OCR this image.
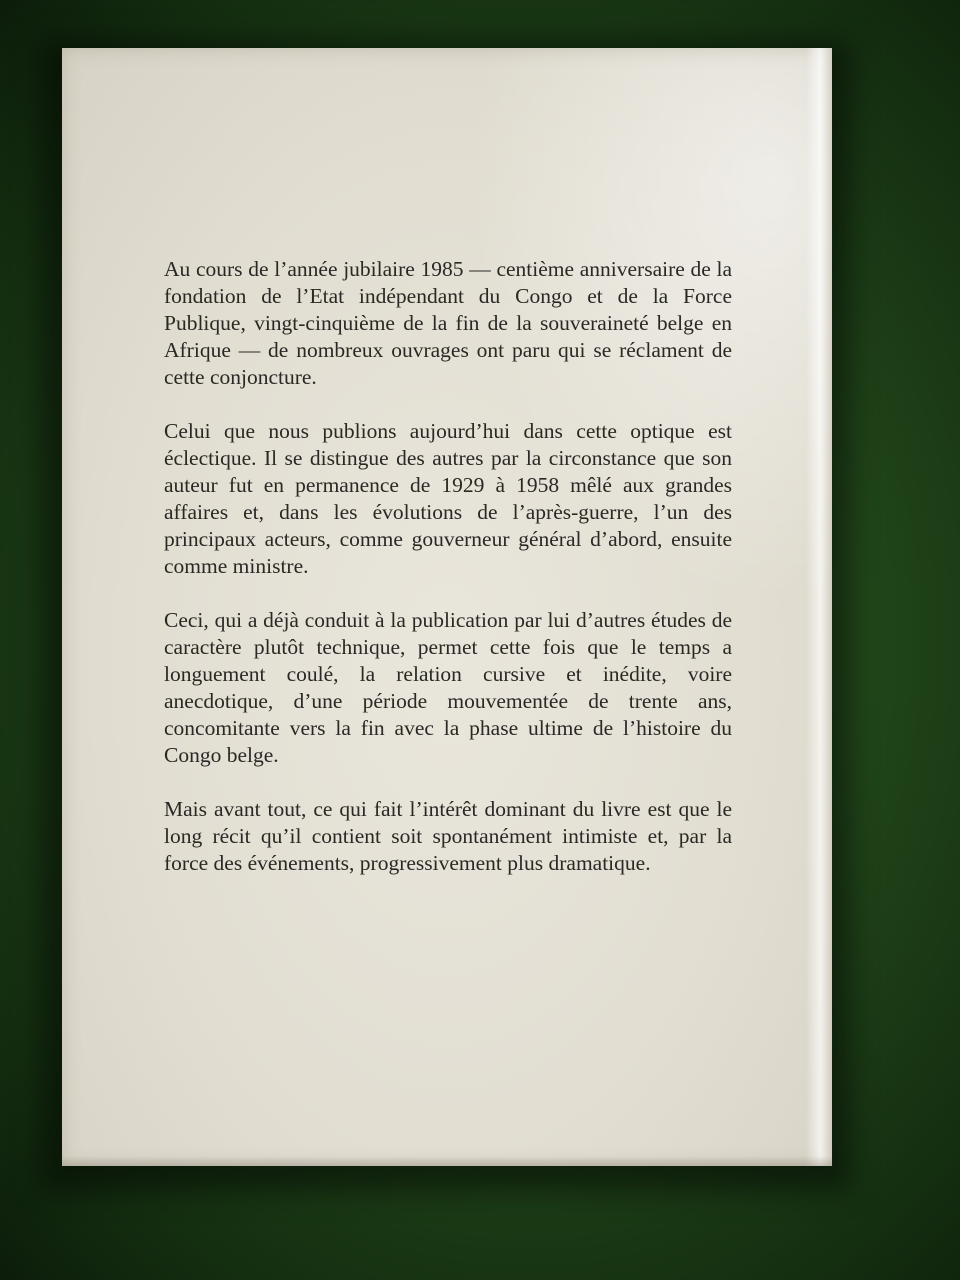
Au cours de l’année jubilaire 1985 — centième anniversaire de la fondation de l’Etat indépendant du Congo et de la Force Publique, vingt-cinquième de la fin de la souveraineté belge en Afrique — de nombreux ouvrages ont paru qui se réclament de cette conjoncture.

Celui que nous publions aujourd’hui dans cette optique est éclectique. Il se distingue des autres par la circonstance que son auteur fut en permanence de 1929 à 1958 mêlé aux grandes affaires et, dans les évolutions de l’après-guerre, l’un des principaux acteurs, comme gouverneur général d’abord, ensuite comme ministre.

Ceci, qui a déjà conduit à la publication par lui d’autres études de caractère plutôt technique, permet cette fois que le temps a longuement coulé, la relation cursive et inédite, voire anecdotique, d’une période mouvementée de trente ans, concomitante vers la fin avec la phase ultime de l’histoire du Congo belge.

Mais avant tout, ce qui fait l’intérêt dominant du livre est que le long récit qu’il contient soit spontanément intimiste et, par la force des événements, progressivement plus dramatique.
